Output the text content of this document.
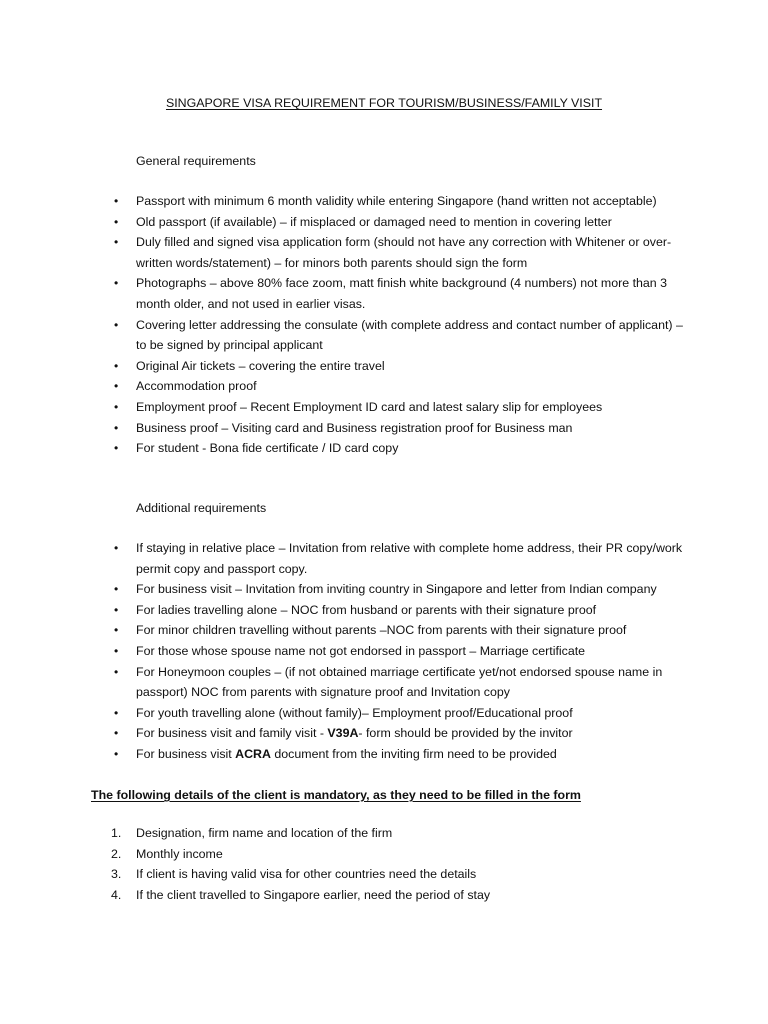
SINGAPORE VISA REQUIREMENT FOR TOURISM/BUSINESS/FAMILY VISIT
General requirements
• Passport with minimum 6 month validity while entering Singapore (hand written not acceptable)
• Old passport (if available) – if misplaced or damaged need to mention in covering letter
• Duly filled and signed visa application form (should not have any correction with Whitener or over-written words/statement) – for minors both parents should sign the form
• Photographs – above 80% face zoom, matt finish white background (4 numbers) not more than 3 month older, and not used in earlier visas.
• Covering letter addressing the consulate (with complete address and contact number of applicant) – to be signed by principal applicant
• Original Air tickets – covering the entire travel
• Accommodation proof
• Employment proof – Recent Employment ID card and latest salary slip for employees
• Business proof – Visiting card and Business registration proof for Business man
• For student - Bona fide certificate / ID card copy
Additional requirements
• If staying in relative place – Invitation from relative with complete home address, their PR copy/work permit copy and passport copy.
• For business visit – Invitation from inviting country in Singapore and letter from Indian company
• For ladies travelling alone – NOC from husband or parents with their signature proof
• For minor children travelling without parents –NOC from parents with their signature proof
• For those whose spouse name not got endorsed in passport – Marriage certificate
• For Honeymoon couples – (if not obtained marriage certificate yet/not endorsed spouse name in passport) NOC from parents with signature proof and Invitation copy
• For youth travelling alone (without family)– Employment proof/Educational proof
• For business visit and family visit - V39A- form should be provided by the invitor
• For business visit ACRA document from the inviting firm need to be provided
The following details of the client is mandatory, as they need to be filled in the form
1. Designation, firm name and location of the firm
2. Monthly income
3. If client is having valid visa for other countries need the details
4. If the client travelled to Singapore earlier, need the period of stay
